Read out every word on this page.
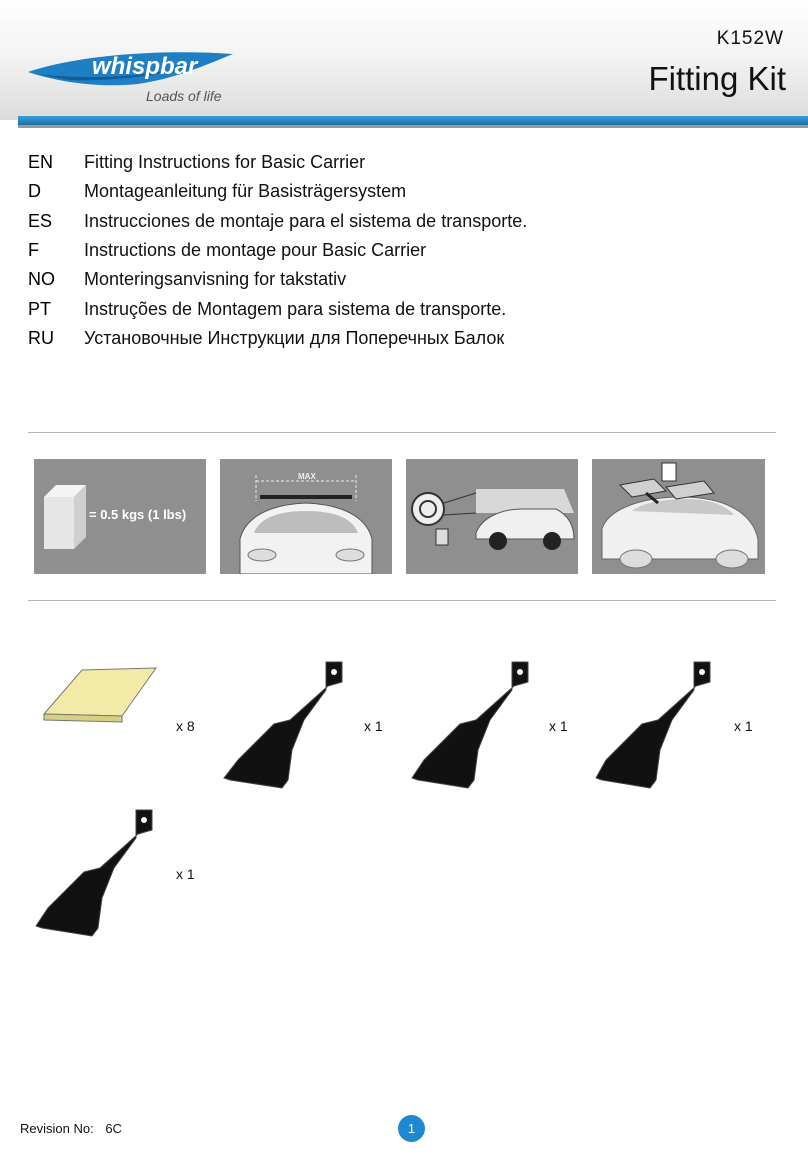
whispbar
Loads of life
K152W
Fitting Kit
EN	Fitting Instructions for Basic Carrier
D	Montageanleitung für Basisträgersystem
ES	Instrucciones de montaje para el sistema de transporte.
F	Instructions de montage pour Basic Carrier
NO	Monteringsanvisning for takstativ
PT	Instruções de Montagem para sistema de transporte.
RU	Установочные Инструкции для Поперечных Балок
= 0.5 kgs (1 lbs)
MAX
x 8	x 1	x 1	x 1
x 1
Revision No: 6C	1
